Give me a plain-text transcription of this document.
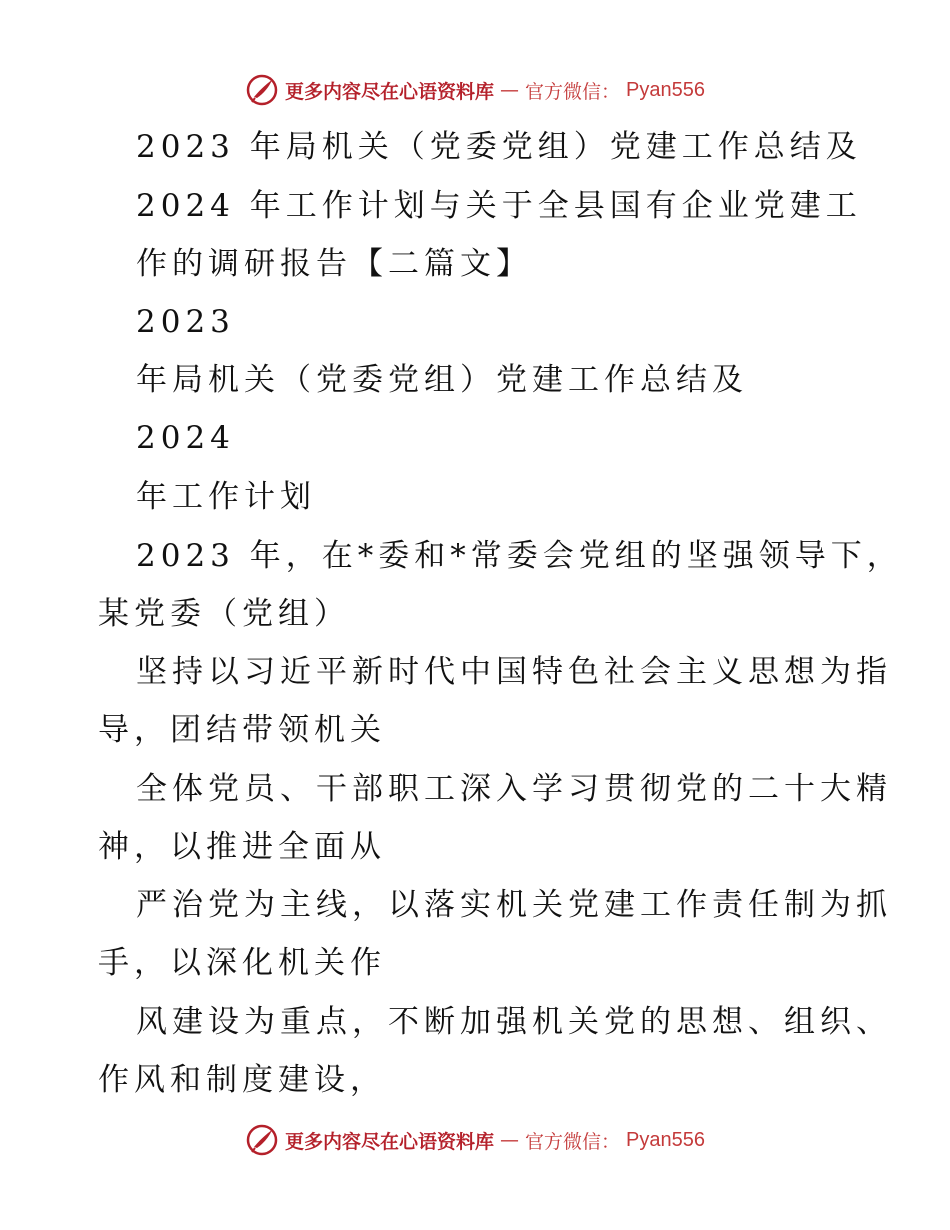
更多内容尽在心语资料库 — 官方微信： Pyan556
2023 年局机关（党委党组）党建工作总结及
2024 年工作计划与关于全县国有企业党建工
作的调研报告【二篇文】
2023
年局机关（党委党组）党建工作总结及
2024
年工作计划
2023 年，在*委和*常委会党组的坚强领导下，
某党委（党组）
坚持以习近平新时代中国特色社会主义思想为指
导，团结带领机关
全体党员、干部职工深入学习贯彻党的二十大精
神，以推进全面从
严治党为主线，以落实机关党建工作责任制为抓
手，以深化机关作
风建设为重点，不断加强机关党的思想、组织、
作风和制度建设，
更多内容尽在心语资料库 — 官方微信： Pyan556
